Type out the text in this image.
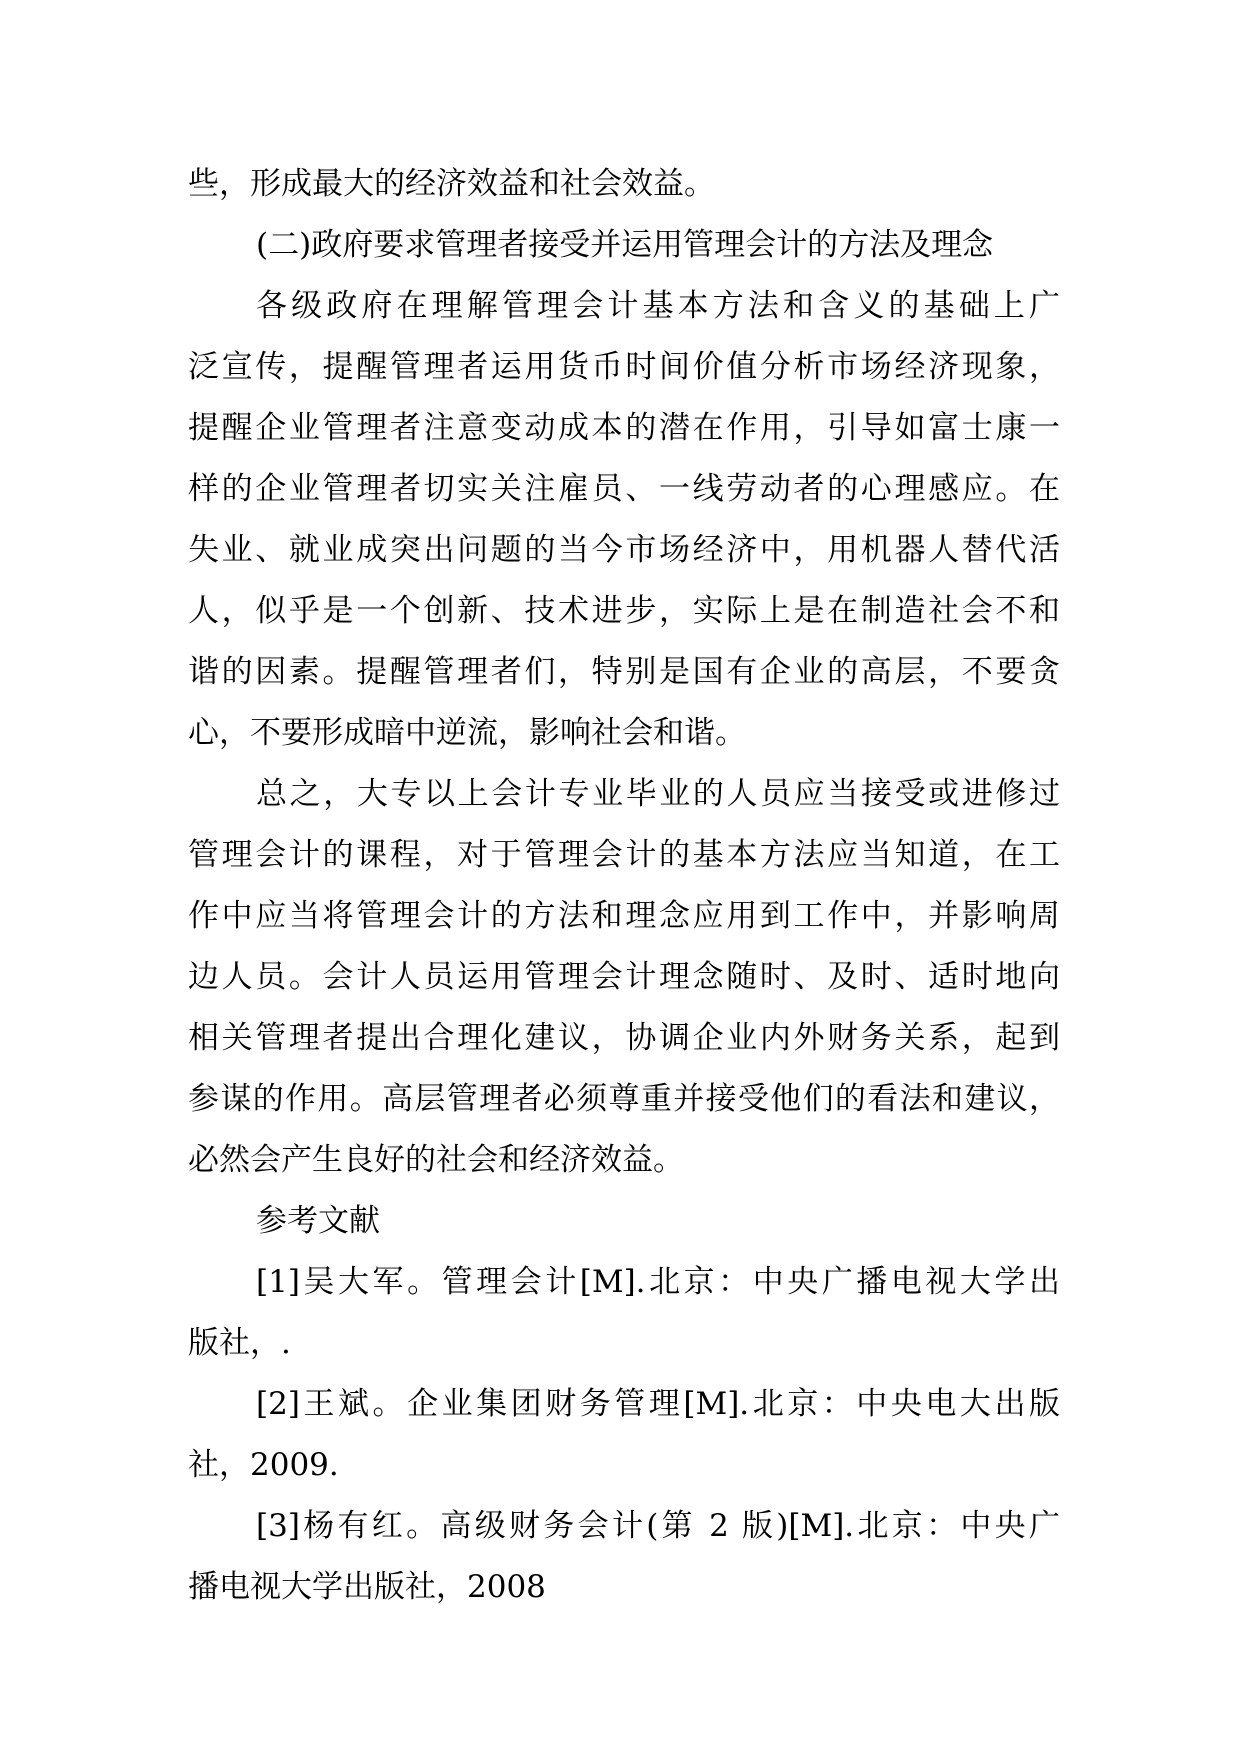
些，形成最大的经济效益和社会效益。
(二)政府要求管理者接受并运用管理会计的方法及理念
各级政府在理解管理会计基本方法和含义的基础上广
泛宣传，提醒管理者运用货币时间价值分析市场经济现象，
提醒企业管理者注意变动成本的潜在作用，引导如富士康一
样的企业管理者切实关注雇员、一线劳动者的心理感应。在
失业、就业成突出问题的当今市场经济中，用机器人替代活
人，似乎是一个创新、技术进步，实际上是在制造社会不和
谐的因素。提醒管理者们，特别是国有企业的高层，不要贪
心，不要形成暗中逆流，影响社会和谐。
总之，大专以上会计专业毕业的人员应当接受或进修过
管理会计的课程，对于管理会计的基本方法应当知道，在工
作中应当将管理会计的方法和理念应用到工作中，并影响周
边人员。会计人员运用管理会计理念随时、及时、适时地向
相关管理者提出合理化建议，协调企业内外财务关系，起到
参谋的作用。高层管理者必须尊重并接受他们的看法和建议，
必然会产生良好的社会和经济效益。
参考文献
[1]吴大军。管理会计[M].北京：中央广播电视大学出
版社，.
[2]王斌。企业集团财务管理[M].北京：中央电大出版
社，2009.
[3]杨有红。高级财务会计(第 2 版)[M].北京：中央广
播电视大学出版社，2008
